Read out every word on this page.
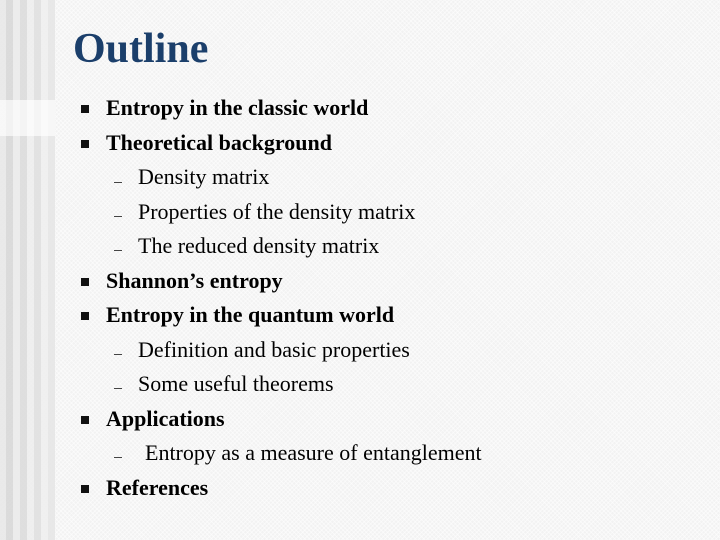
Outline
Entropy in the classic world
Theoretical background
Density matrix
Properties of the density matrix
The reduced density matrix
Shannon’s entropy
Entropy in the quantum world
Definition and basic properties
Some useful theorems
Applications
Entropy as a measure of entanglement
References
